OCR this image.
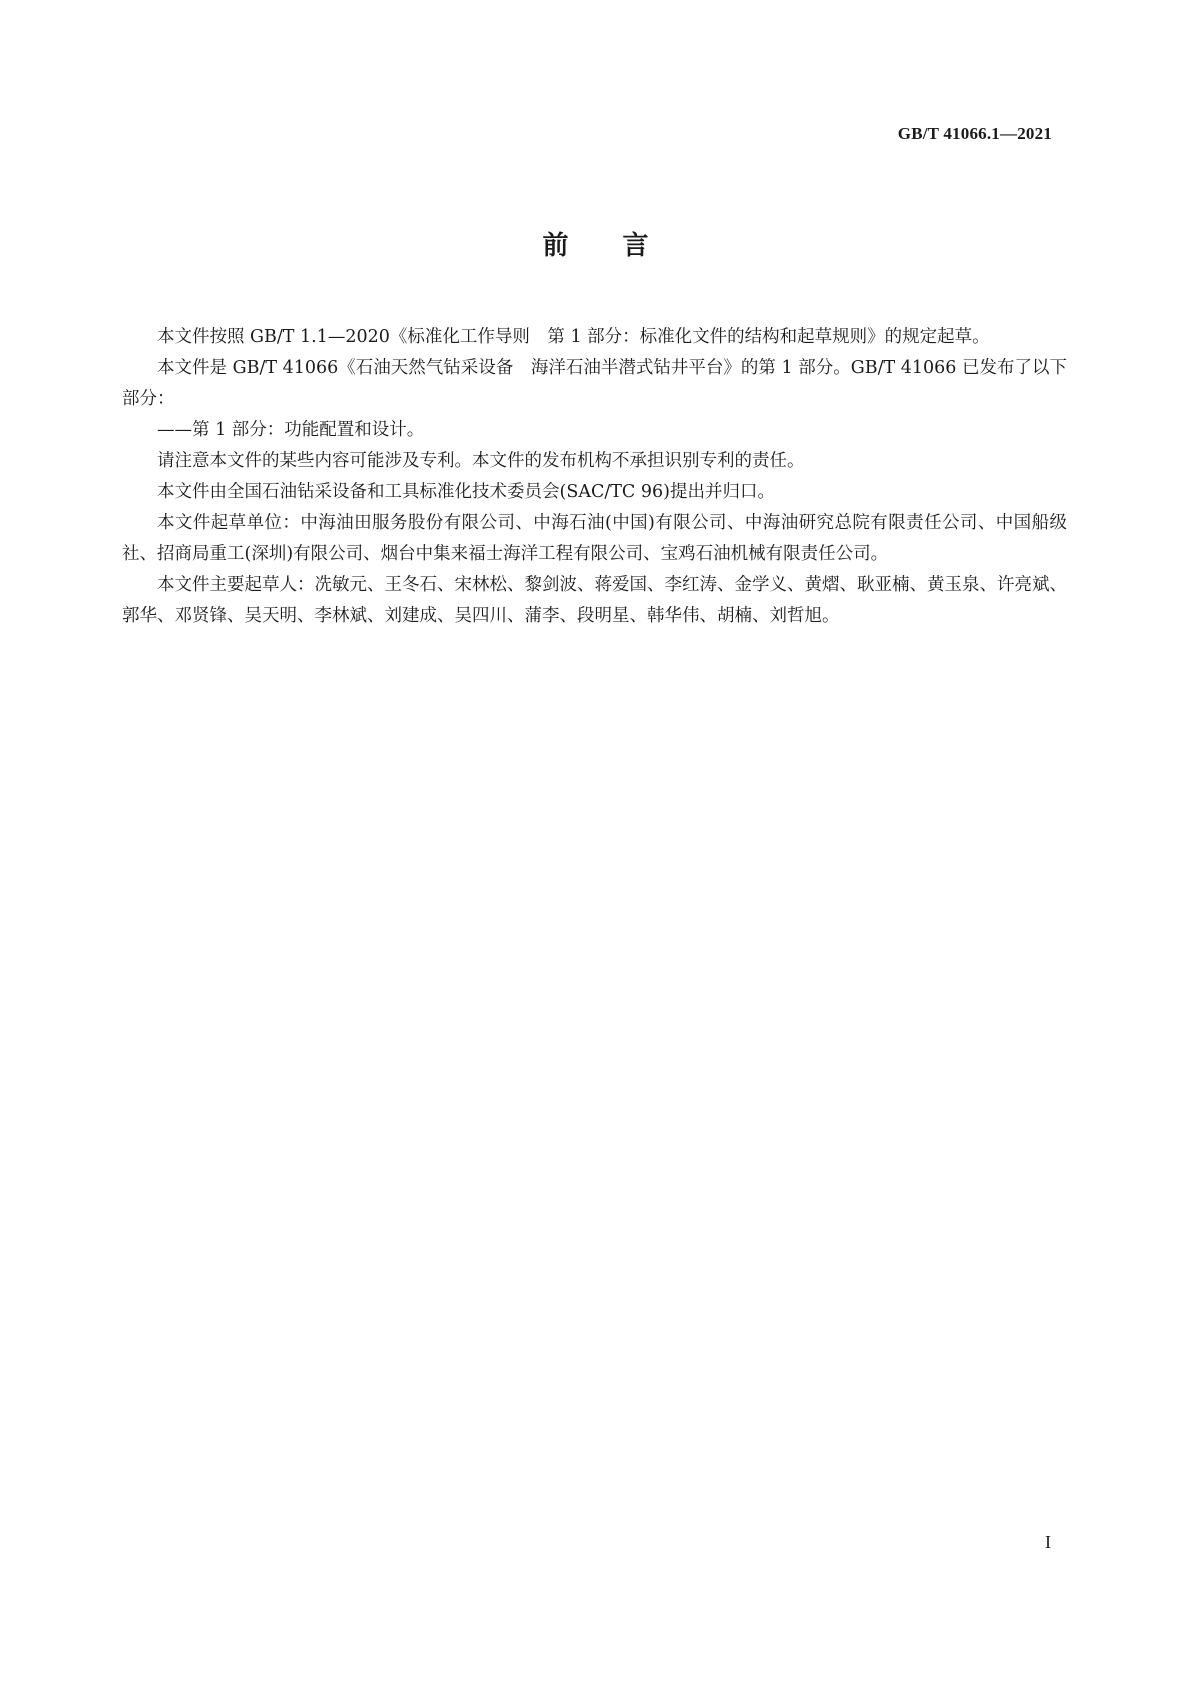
GB/T 41066.1—2021
前言

本文件按照 GB/T 1.1—2020《标准化工作导则　第 1 部分：标准化文件的结构和起草规则》的规定起草。

本文件是 GB/T 41066《石油天然气钻采设备　海洋石油半潜式钻井平台》的第 1 部分。GB/T 41066 已发布了以下部分：

——第 1 部分：功能配置和设计。

请注意本文件的某些内容可能涉及专利。本文件的发布机构不承担识别专利的责任。

本文件由全国石油钻采设备和工具标准化技术委员会(SAC/TC 96)提出并归口。

本文件起草单位：中海油田服务股份有限公司、中海石油(中国)有限公司、中海油研究总院有限责任公司、中国船级社、招商局重工(深圳)有限公司、烟台中集来福士海洋工程有限公司、宝鸡石油机械有限责任公司。

本文件主要起草人：冼敏元、王冬石、宋林松、黎剑波、蒋爱国、李红涛、金学义、黄熠、耿亚楠、黄玉泉、许亮斌、郭华、邓贤锋、吴天明、李林斌、刘建成、吴四川、蒲李、段明星、韩华伟、胡楠、刘哲旭。

I
